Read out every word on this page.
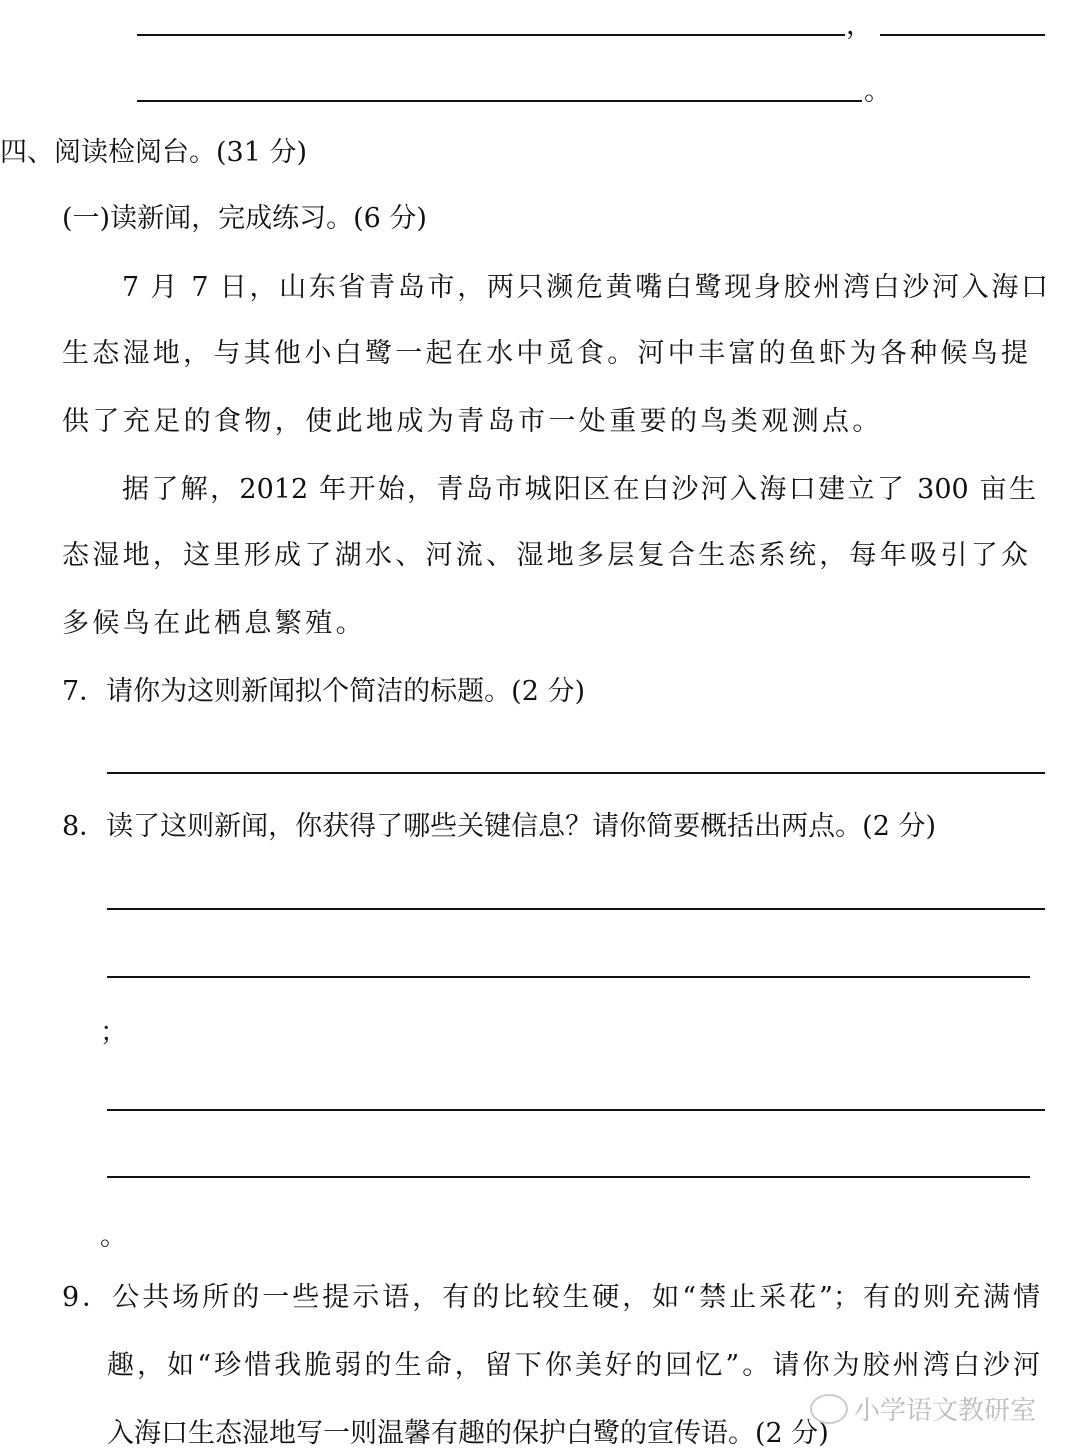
，
。
四、阅读检阅台。(31 分)
(一)读新闻，完成练习。(6 分)
7 月 7 日，山东省青岛市，两只濒危黄嘴白鹭现身胶州湾白沙河入海口
生态湿地，与其他小白鹭一起在水中觅食。河中丰富的鱼虾为各种候鸟提
供了充足的食物，使此地成为青岛市一处重要的鸟类观测点。
据了解，2012 年开始，青岛市城阳区在白沙河入海口建立了 300 亩生
态湿地，这里形成了湖水、河流、湿地多层复合生态系统，每年吸引了众
多候鸟在此栖息繁殖。
7．请你为这则新闻拟个简洁的标题。(2 分)
8．读了这则新闻，你获得了哪些关键信息？请你简要概括出两点。(2 分)
；
。
9．公共场所的一些提示语，有的比较生硬，如“禁止采花”；有的则充满情
趣，如“珍惜我脆弱的生命，留下你美好的回忆”。请你为胶州湾白沙河
入海口生态湿地写一则温馨有趣的保护白鹭的宣传语。(2 分)
小学语文教研室
